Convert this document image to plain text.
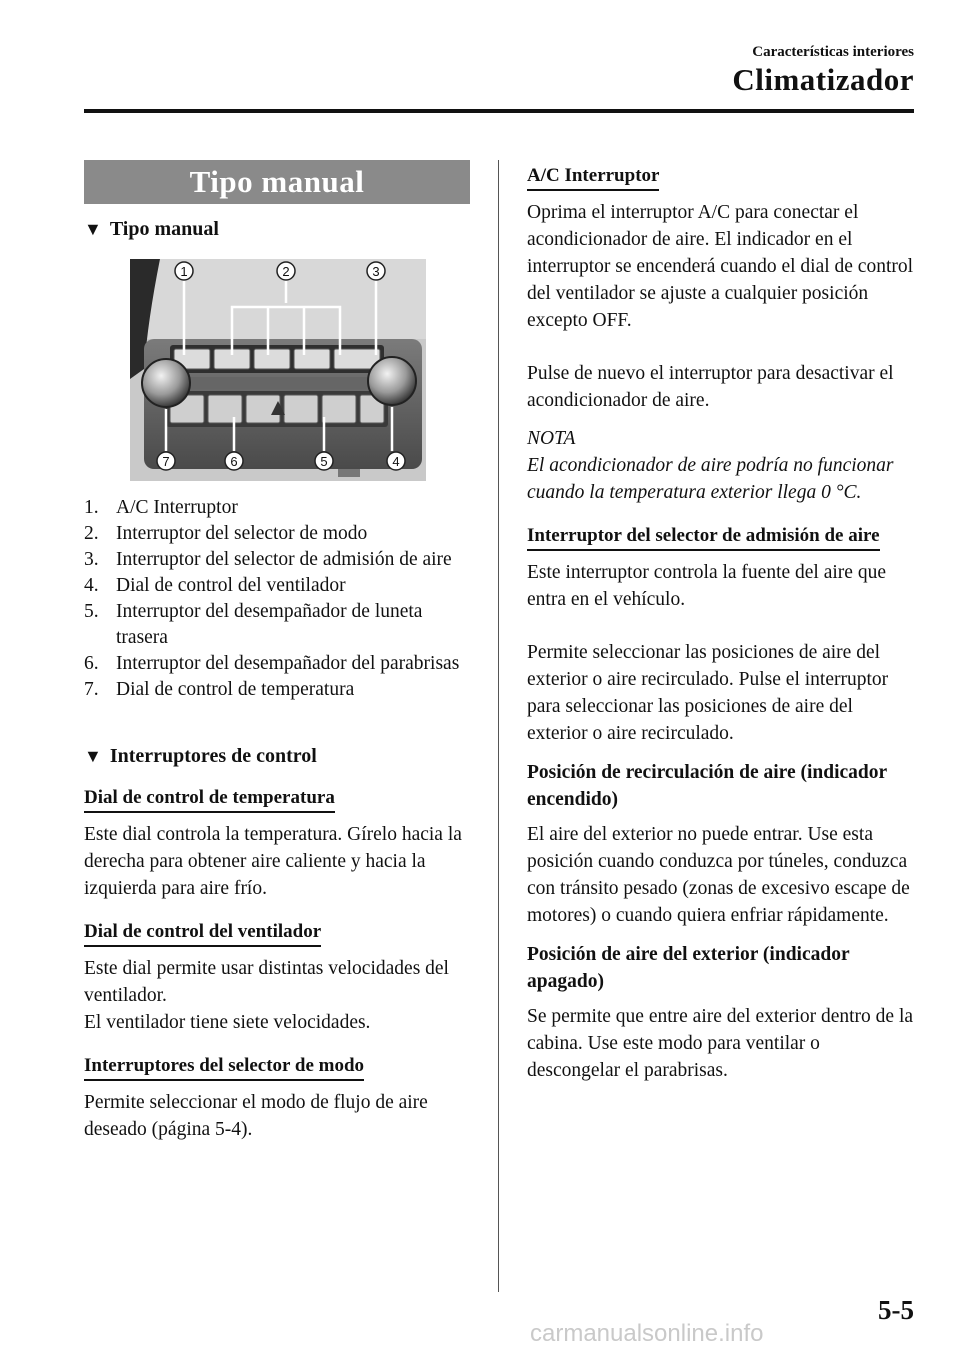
Características interiores
Climatizador
Tipo manual
▼ Tipo manual
1	2	3
4
5
6
7
1. A/C Interruptor
2. Interruptor del selector de modo
3. Interruptor del selector de admisión de aire
4. Dial de control del ventilador
5. Interruptor del desempañador de luneta trasera
6. Interruptor del desempañador del parabrisas
7. Dial de control de temperatura
▼ Interruptores de control
Dial de control de temperatura

Este dial controla la temperatura. Gírelo hacia la derecha para obtener aire caliente y hacia la izquierda para aire frío.

Dial de control del ventilador

Este dial permite usar distintas velocidades del ventilador.
El ventilador tiene siete velocidades.

Interruptores del selector de modo

Permite seleccionar el modo de flujo de aire deseado (página 5-4).

A/C Interruptor

Oprima el interruptor A/C para conectar el acondicionador de aire. El indicador en el interruptor se encenderá cuando el dial de control del ventilador se ajuste a cualquier posición excepto OFF.

Pulse de nuevo el interruptor para desactivar el acondicionador de aire.

NOTA

El acondicionador de aire podría no funcionar cuando la temperatura exterior llega 0 °C.

Interruptor del selector de admisión de aire

Este interruptor controla la fuente del aire que entra en el vehículo.

Permite seleccionar las posiciones de aire del exterior o aire recirculado. Pulse el interruptor para seleccionar las posiciones de aire del exterior o aire recirculado.

Posición de recirculación de aire (indicador encendido)

El aire del exterior no puede entrar. Use esta posición cuando conduzca por túneles, conduzca con tránsito pesado (zonas de excesivo escape de motores) o cuando quiera enfriar rápidamente.

Posición de aire del exterior (indicador apagado)

Se permite que entre aire del exterior dentro de la cabina. Use este modo para ventilar o descongelar el parabrisas.

5-5
carmanualsonline.info
